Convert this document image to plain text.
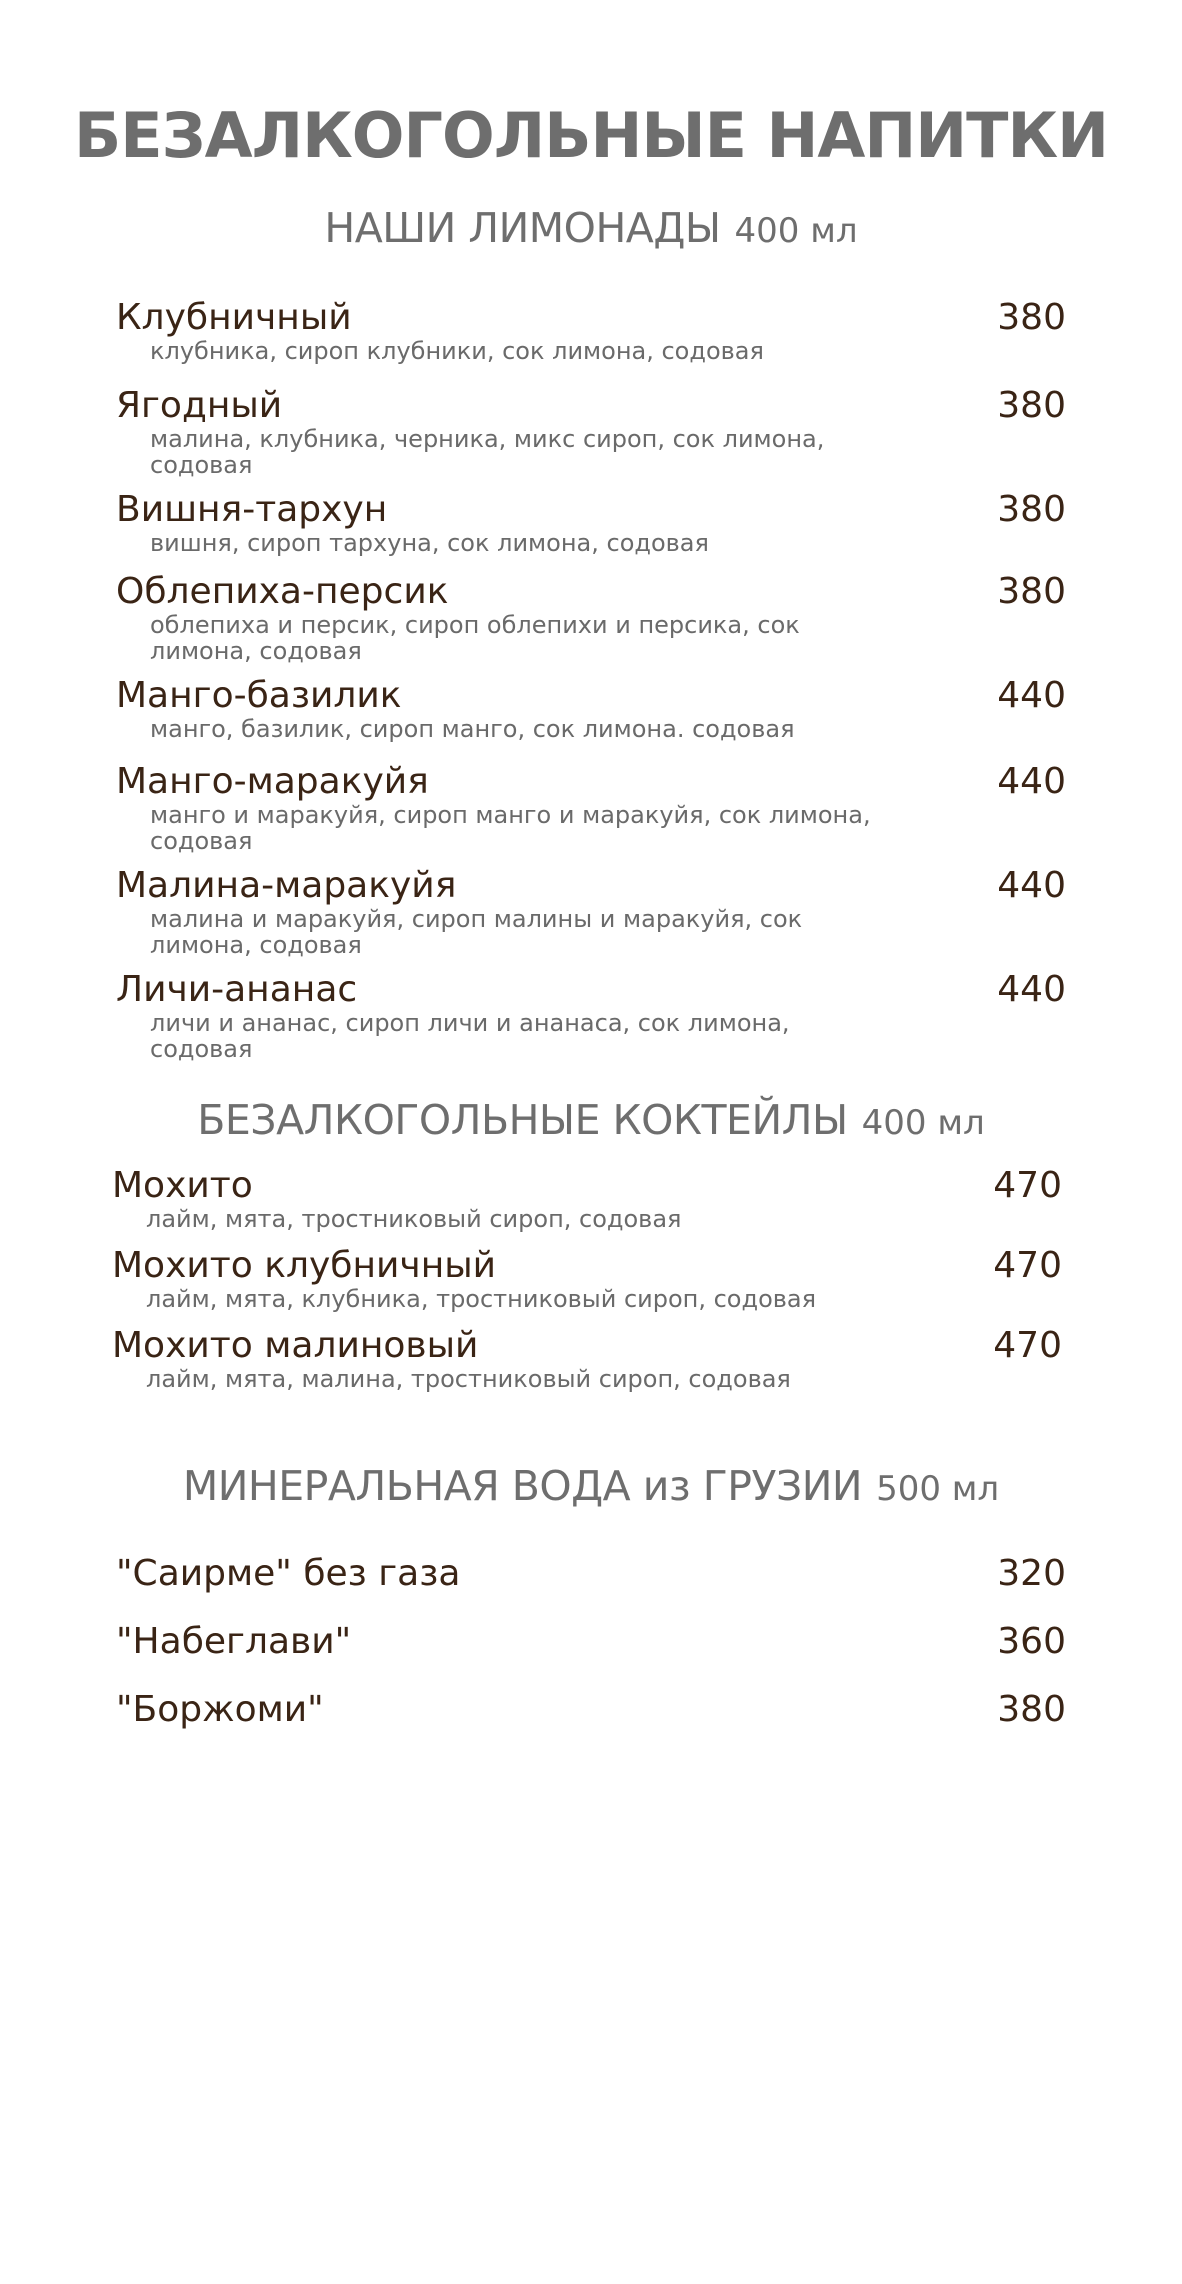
БЕЗАЛКОГОЛЬНЫЕ НАПИТКИ
НАШИ ЛИМОНАДЫ 400 мл
Клубничный	380
клубника, сироп клубники, сок лимона, содовая
Ягодный	380
малина, клубника, черника, микс сироп, сок лимона, содовая
Вишня-тархун	380
вишня, сироп тархуна, сок лимона, содовая
Облепиха-персик	380
облепиха и персик, сироп облепихи и персика, сок лимона, содовая
Манго-базилик	440
манго, базилик, сироп манго, сок лимона. содовая
Манго-маракуйя	440
манго и маракуйя, сироп манго и маракуйя, сок лимона, содовая
Малина-маракуйя	440
малина и маракуйя, сироп малины и маракуйя, сок лимона, содовая
Личи-ананас	440
личи и ананас, сироп личи и ананаса, сок лимона, содовая
БЕЗАЛКОГОЛЬНЫЕ КОКТЕЙЛЫ 400 мл
Мохито	470
лайм, мята, тростниковый сироп, содовая
Мохито клубничный	470
лайм, мята, клубника, тростниковый сироп, содовая
Мохито малиновый	470
лайм, мята, малина, тростниковый сироп, содовая
МИНЕРАЛЬНАЯ ВОДА из ГРУЗИИ 500 мл
"Саирме" без газа	320
"Набеглави"	360
"Боржоми"	380
